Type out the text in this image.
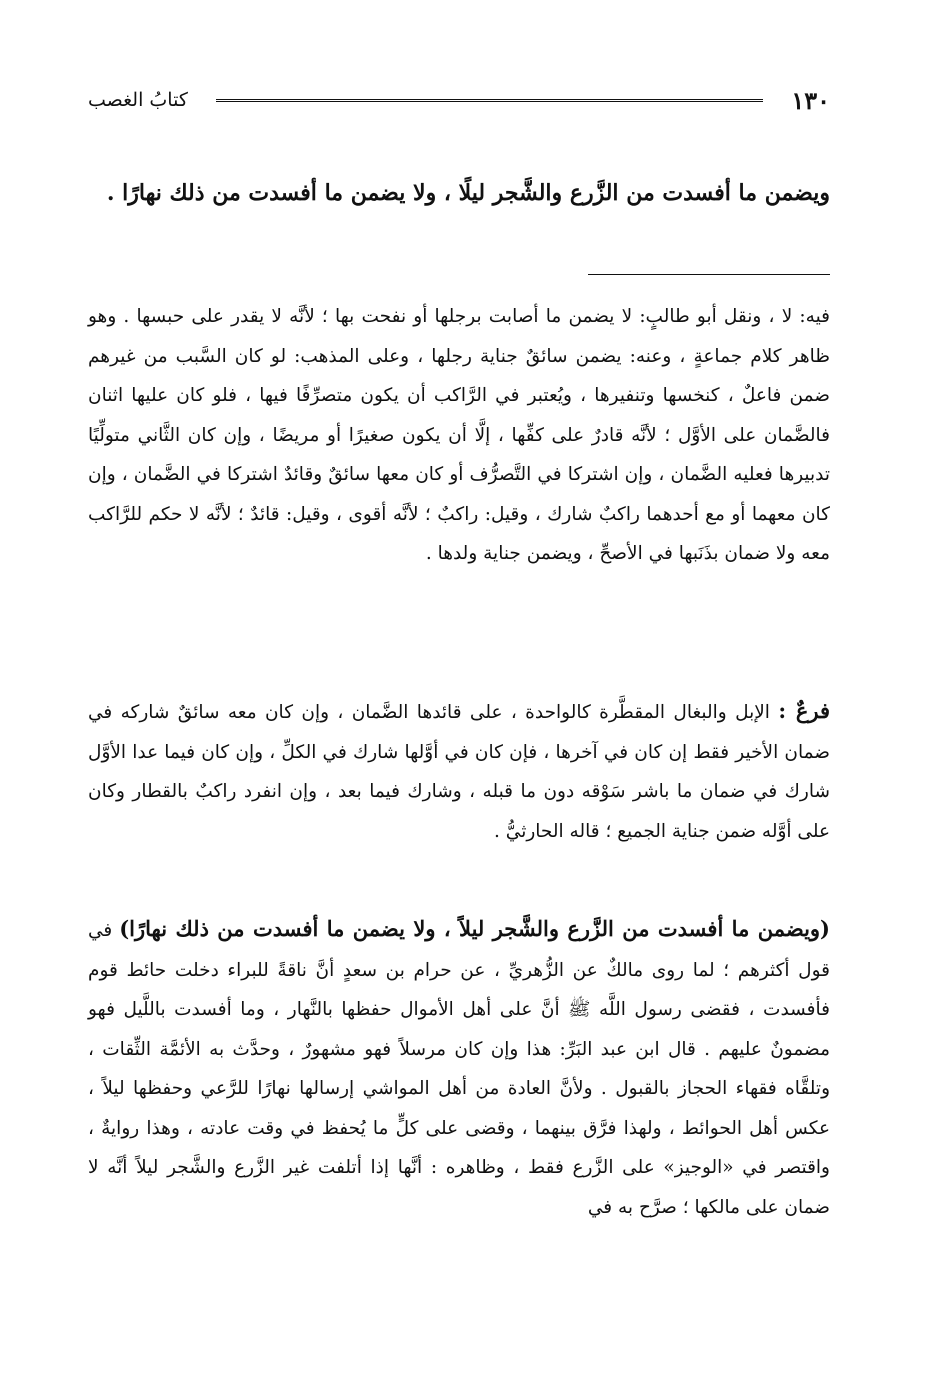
١٣٠
كتابُ الغصب

ويضمن ما أفسدت من الزَّرع والشَّجر ليلًا ، ولا يضمن ما أفسدت من ذلك نهارًا .

فيه: لا ، ونقل أبو طالبٍ: لا يضمن ما أصابت برجلها أو نفحت بها ؛ لأنَّه لا يقدر على حبسها . وهو ظاهر كلام جماعةٍ ، وعنه: يضمن سائقٌ جناية رجلها ، وعلى المذهب: لو كان السَّبب من غيرهم ضمن فاعلٌ ، كنخسها وتنفيرها ، ويُعتبر في الرَّاكب أن يكون متصرِّفًا فيها ، فلو كان عليها اثنان فالضَّمان على الأوَّل ؛ لأنَّه قادرٌ على كفِّها ، إلَّا أن يكون صغيرًا أو مريضًا ، وإن كان الثَّاني متولِّيًا تدبيرها فعليه الضَّمان ، وإن اشتركا في التَّصرُّف أو كان معها سائقٌ وقائدٌ اشتركا في الضَّمان ، وإن كان معهما أو مع أحدهما راكبٌ شارك ، وقيل: راكبٌ ؛ لأنَّه أقوى ، وقيل: قائدٌ ؛ لأنَّه لا حكم للرَّاكب معه ولا ضمان بذَنَبها في الأصحِّ ، ويضمن جناية ولدها .

فرعٌ : الإبل والبغال المقطَّرة كالواحدة ، على قائدها الضَّمان ، وإن كان معه سائقٌ شاركه في ضمان الأخير فقط إن كان في آخرها ، فإن كان في أوَّلها شارك في الكلِّ ، وإن كان فيما عدا الأوَّل شارك في ضمان ما باشر سَوْقه دون ما قبله ، وشارك فيما بعد ، وإن انفرد راكبٌ بالقطار وكان على أوَّله ضمن جناية الجميع ؛ قاله الحارثيُّ .

(ويضمن ما أفسدت من الزَّرع والشَّجر ليلاً ، ولا يضمن ما أفسدت من ذلك نهارًا) في قول أكثرهم ؛ لما روى مالكٌ عن الزُّهريِّ ، عن حرام بن سعدٍ أنَّ ناقةً للبراء دخلت حائط قوم فأفسدت ، فقضى رسول اللَّه ﷺ أنَّ على أهل الأموال حفظها بالنَّهار ، وما أفسدت باللَّيل فهو مضمونٌ عليهم . قال ابن عبد البَرِّ: هذا وإن كان مرسلاً فهو مشهورٌ ، وحدَّث به الأئمَّة الثِّقات ، وتلقَّاه فقهاء الحجاز بالقبول . ولأنَّ العادة من أهل المواشي إرسالها نهارًا للرَّعي وحفظها ليلاً ، عكس أهل الحوائط ، ولهذا فرَّق بينهما ، وقضى على كلٍّ ما يُحفظ في وقت عادته ، وهذا روايةٌ ، واقتصر في «الوجيز» على الزَّرع فقط ، وظاهره : أنَّها إذا أتلفت غير الزَّرع والشَّجر ليلاً أنَّه لا ضمان على مالكها ؛ صرَّح به في
